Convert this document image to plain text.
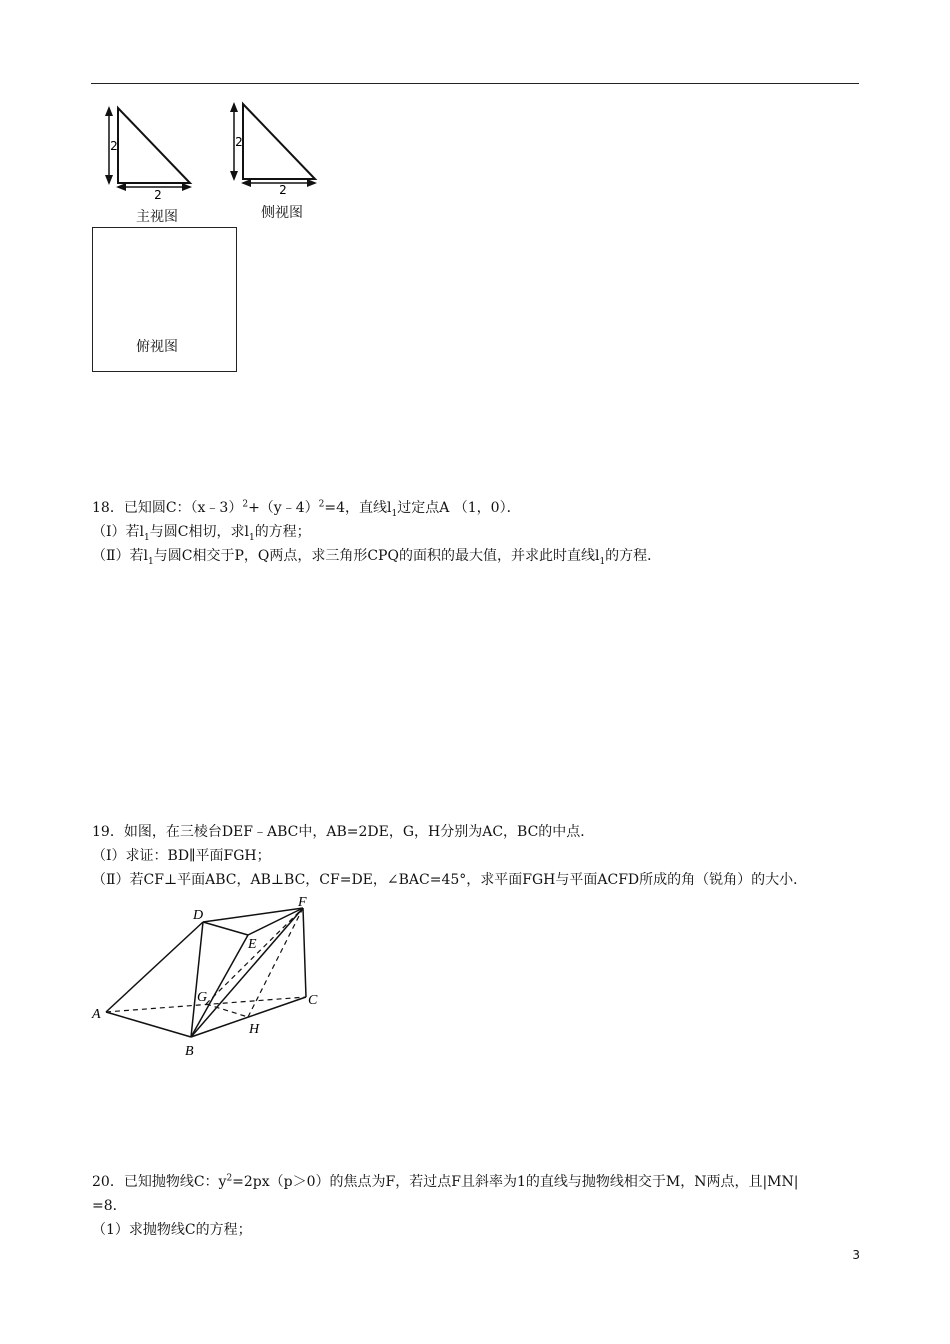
2
2
主视图
2
2
侧视图
俯视图
18．已知圆C：（x﹣3）$^2$+（y﹣4）$^2$=4，直线$l_1$过定点A （1，0）．
（Ⅰ）若$l_1$与圆C相切，求$l_1$的方程；
（Ⅱ）若$l_1$与圆C相交于P，Q两点，求三角形CPQ的面积的最大值，并求此时直线$l_1$的方程．
19．如图，在三棱台DEF﹣ABC中，AB=2DE，G，H分别为AC，BC的中点．
（Ⅰ）求证：BD∥平面FGH；
（Ⅱ）若CF⊥平面ABC，AB⊥BC，CF=DE，∠BAC=45°，求平面FGH与平面ACFD所成的角（锐角）的大小．
A
B
C
D
E
F
G
H
20．已知抛物线C：$y^2=2px(p>0)$的焦点为F，若过点F且斜率为1的直线与抛物线相交于M，N两点，且|MN|
=8．
（1）求抛物线C的方程；
3
